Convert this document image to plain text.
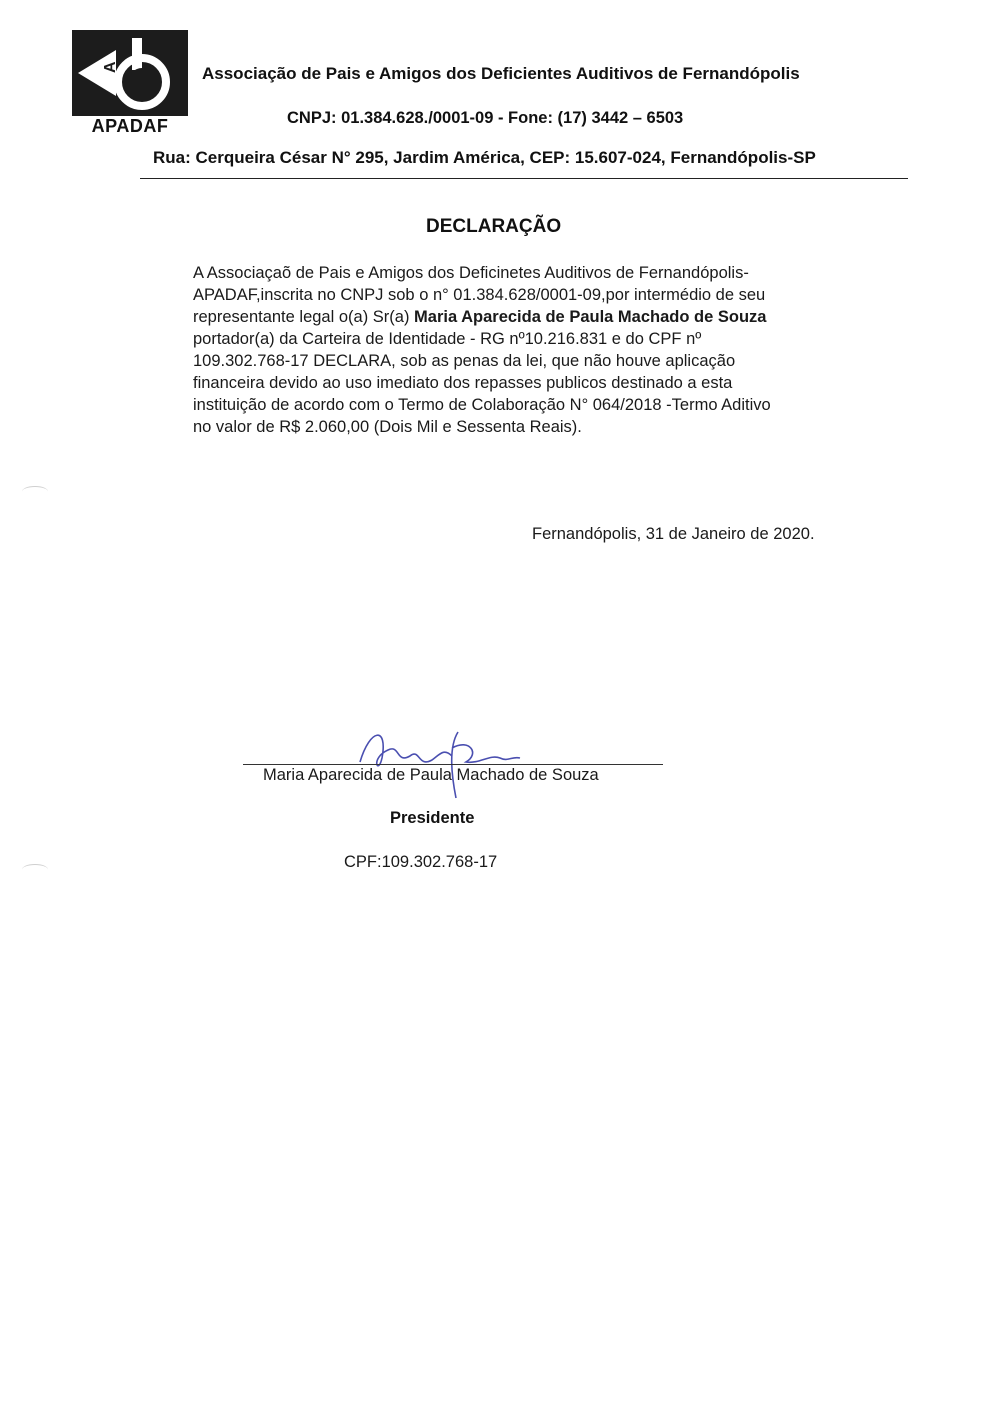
A
APADAF
Associação de Pais e Amigos dos Deficientes Auditivos de Fernandópolis
CNPJ: 01.384.628./0001-09 - Fone: (17) 3442 – 6503
Rua: Cerqueira César N° 295, Jardim América, CEP: 15.607-024, Fernandópolis-SP
DECLARAÇÃO
A Associaçaõ de Pais e Amigos dos Deficinetes Auditivos de Fernandópolis-
APADAF,inscrita no CNPJ sob o n° 01.384.628/0001-09,por intermédio de seu
representante legal o(a) Sr(a) Maria Aparecida de Paula Machado de Souza
portador(a) da Carteira de Identidade - RG nº10.216.831 e do CPF nº
109.302.768-17 DECLARA, sob as penas da lei, que não houve aplicação
financeira devido ao uso imediato dos repasses publicos destinado a esta
instituição de acordo com o Termo de Colaboração N° 064/2018 -Termo Aditivo
no valor de R$ 2.060,00 (Dois Mil e Sessenta Reais).
Fernandópolis, 31 de Janeiro de 2020.
Maria Aparecida de Paula Machado de Souza
Presidente
CPF:109.302.768-17
